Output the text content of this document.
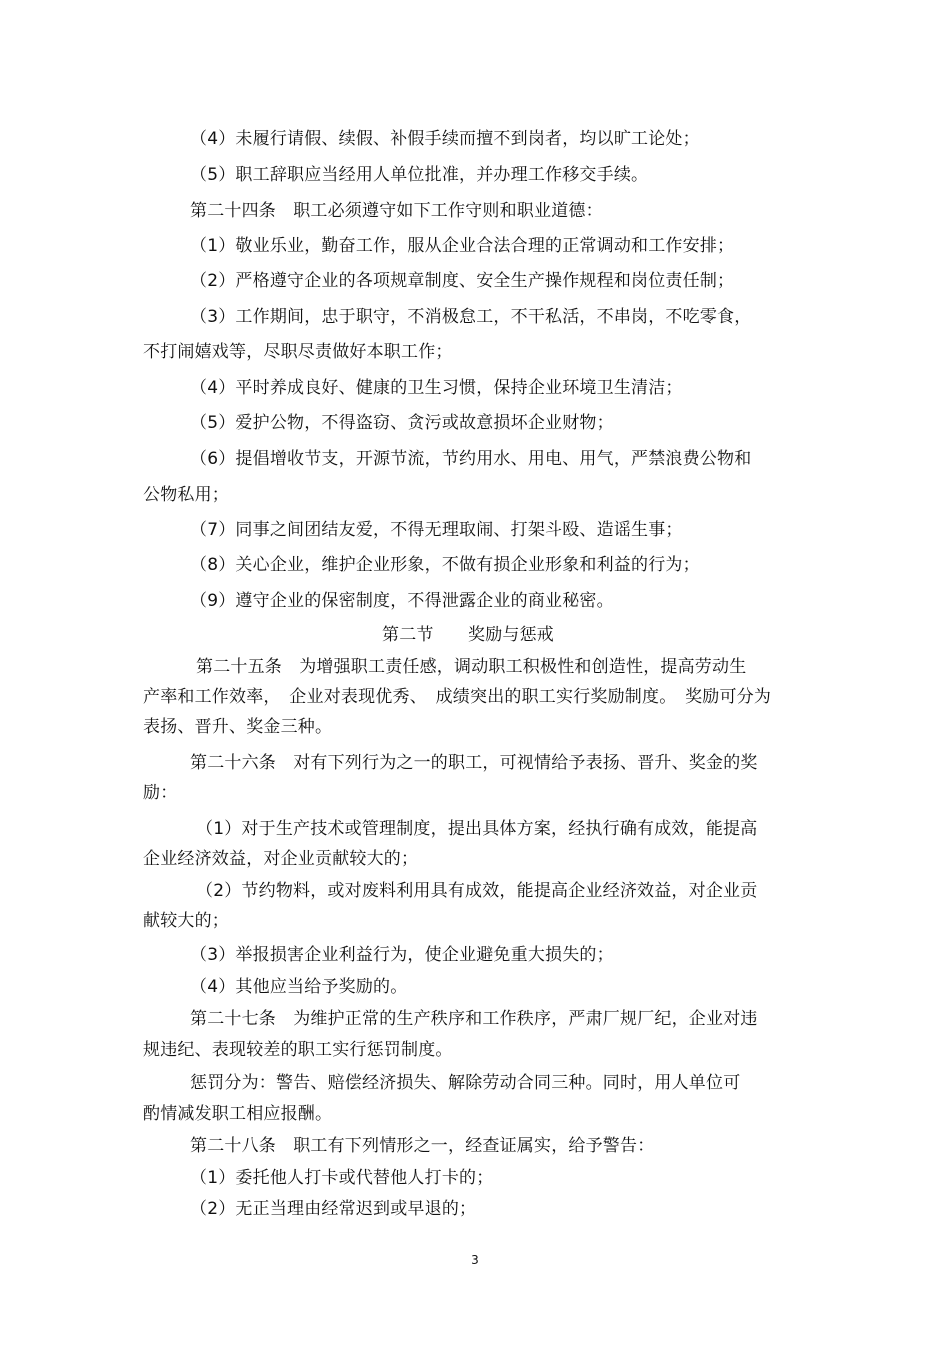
（4）未履行请假、续假、补假手续而擅不到岗者，均以旷工论处；
（5）职工辞职应当经用人单位批准，并办理工作移交手续。
第二十四条　职工必须遵守如下工作守则和职业道德：
（1）敬业乐业，勤奋工作，服从企业合法合理的正常调动和工作安排；
（2）严格遵守企业的各项规章制度、安全生产操作规程和岗位责任制；
（3）工作期间，忠于职守，不消极怠工，不干私活，不串岗，不吃零食，
不打闹嬉戏等，尽职尽责做好本职工作；
（4）平时养成良好、健康的卫生习惯，保持企业环境卫生清洁；
（5）爱护公物，不得盗窃、贪污或故意损坏企业财物；
（6）提倡增收节支，开源节流，节约用水、用电、用气，严禁浪费公物和
公物私用；
（7）同事之间团结友爱，不得无理取闹、打架斗殴、造谣生事；
（8）关心企业，维护企业形象，不做有损企业形象和利益的行为；
（9）遵守企业的保密制度，不得泄露企业的商业秘密。
第二节　　奖励与惩戒
第二十五条　为增强职工责任感，调动职工积极性和创造性，提高劳动生
产率和工作效率，　企业对表现优秀、　成绩突出的职工实行奖励制度。　奖励可分为
表扬、晋升、奖金三种。
第二十六条　对有下列行为之一的职工，可视情给予表扬、晋升、奖金的奖
励：
（1）对于生产技术或管理制度，提出具体方案，经执行确有成效，能提高
企业经济效益，对企业贡献较大的；
（2）节约物料，或对废料利用具有成效，能提高企业经济效益，对企业贡
献较大的；
（3）举报损害企业利益行为，使企业避免重大损失的；
（4）其他应当给予奖励的。
第二十七条　为维护正常的生产秩序和工作秩序，严肃厂规厂纪，企业对违
规违纪、表现较差的职工实行惩罚制度。
惩罚分为：警告、赔偿经济损失、解除劳动合同三种。同时，用人单位可
酌情减发职工相应报酬。
第二十八条　职工有下列情形之一，经查证属实，给予警告：
（1）委托他人打卡或代替他人打卡的；
（2）无正当理由经常迟到或早退的；
3
